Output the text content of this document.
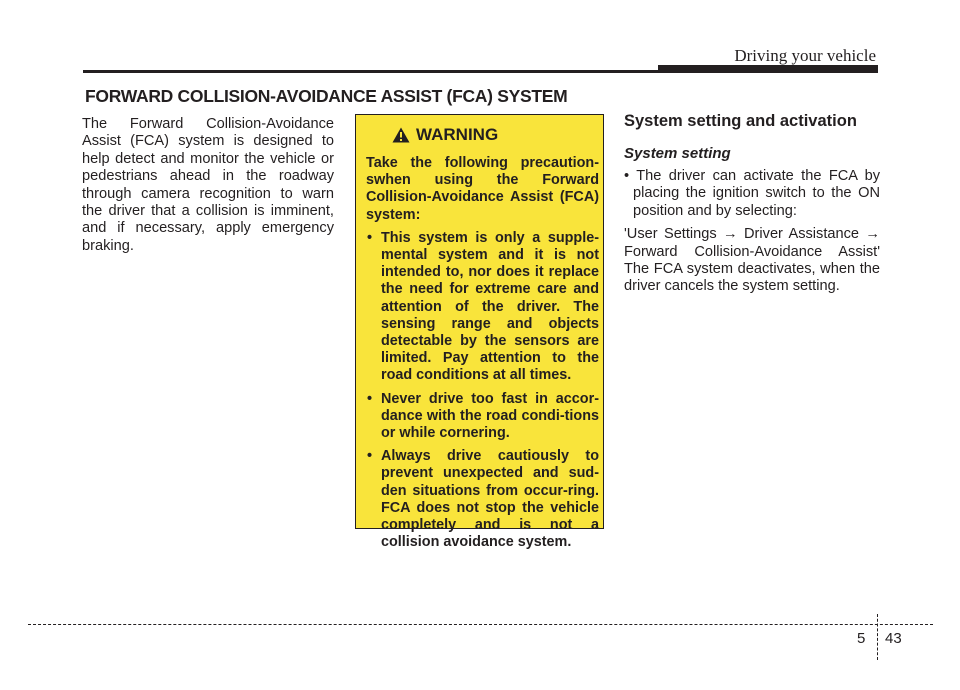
Driving your vehicle
FORWARD COLLISION-AVOIDANCE ASSIST (FCA) SYSTEM

The Forward Collision-Avoidance Assist (FCA) system is designed to help detect and monitor the vehicle or pedestrians ahead in the roadway through camera recognition to warn the driver that a collision is imminent, and if necessary, apply emergency braking.

WARNING

Take the following precaution-swhen using the Forward Collision-Avoidance Assist (FCA) system:

• This system is only a supple-mental system and it is not intended to, nor does it replace the need for extreme care and attention of the driver. The sensing range and objects detectable by the sensors are limited. Pay attention to the road conditions at all times.
• Never drive too fast in accor-dance with the road condi-tions or while cornering.
• Always drive cautiously to prevent unexpected and sud-den situations from occur-ring. FCA does not stop the vehicle completely and is not a collision avoidance system.
System setting and activation
System setting

• The driver can activate the FCA by placing the ignition switch to the ON position and by selecting:

'User Settings → Driver Assistance → Forward Collision-Avoidance Assist' The FCA system deactivates, when the driver cancels the system setting.

5 43
